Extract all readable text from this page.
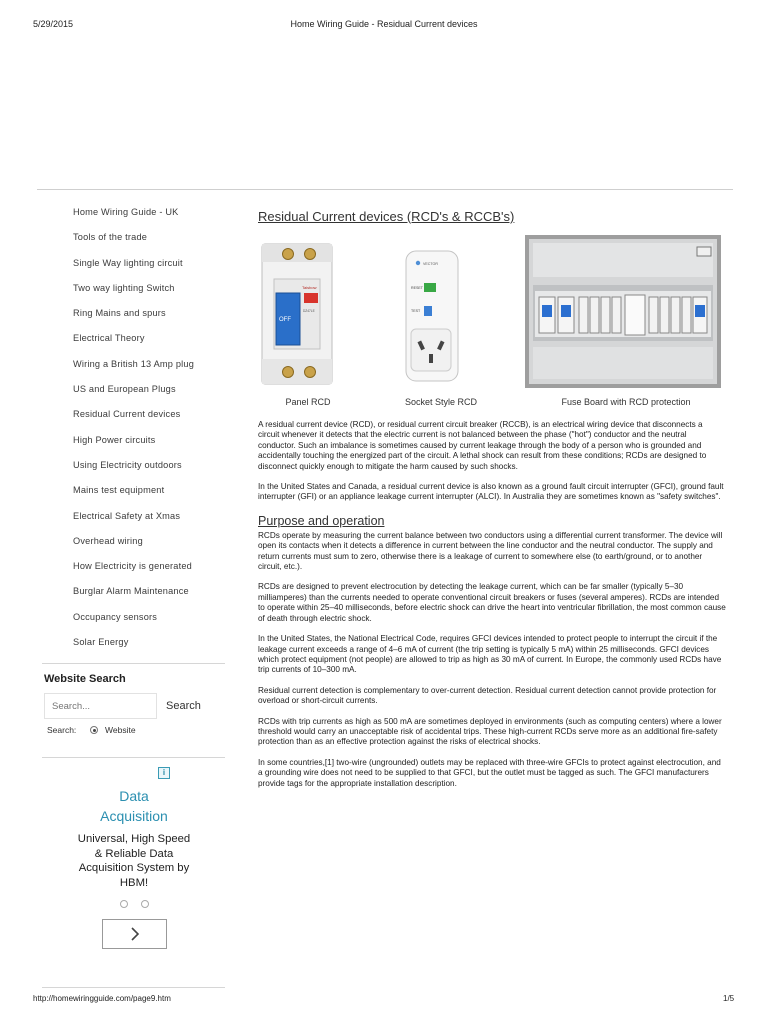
5/29/2015	Home Wiring Guide - Residual Current devices
Home Wiring Guide - UK
Tools of the trade
Single Way lighting circuit
Two way lighting Switch
Ring Mains and spurs
Electrical Theory
Wiring a British 13 Amp plug
US and European Plugs
Residual Current devices
High Power circuits
Using Electricity outdoors
Mains test equipment
Electrical Safety at Xmas
Overhead wiring
How Electricity is generated
Burglar Alarm Maintenance
Occupancy sensors
Solar Energy
Website Search
Search...
Search
Search:	Website
i
Data Acquisition
Universal, High Speed & Reliable Data Acquisition System by HBM!
Residual Current devices (RCD's & RCCB's)
OFF
Taisbow
DZ47LE
Panel RCD
VECTOR
RESET
TEST
Socket Style RCD	Fuse Board with RCD protection

A residual current device (RCD), or residual current circuit breaker (RCCB), is an electrical wiring device that disconnects a circuit whenever it detects that the electric current is not balanced between the phase ("hot") conductor and the neutral conductor. Such an imbalance is sometimes caused by current leakage through the body of a person who is grounded and accidentally touching the energized part of the circuit. A lethal shock can result from these conditions; RCDs are designed to disconnect quickly enough to mitigate the harm caused by such shocks.

In the United States and Canada, a residual current device is also known as a ground fault circuit interrupter (GFCI), ground fault interrupter (GFI) or an appliance leakage current interrupter (ALCI). In Australia they are sometimes known as "safety switches".

Purpose and operation

RCDs operate by measuring the current balance between two conductors using a differential current transformer. The device will open its contacts when it detects a difference in current between the line conductor and the neutral conductor. The supply and return currents must sum to zero, otherwise there is a leakage of current to somewhere else (to earth/ground, or to another circuit, etc.).

RCDs are designed to prevent electrocution by detecting the leakage current, which can be far smaller (typically 5–30 milliamperes) than the currents needed to operate conventional circuit breakers or fuses (several amperes). RCDs are intended to operate within 25–40 milliseconds, before electric shock can drive the heart into ventricular fibrillation, the most common cause of death through electric shock.

In the United States, the National Electrical Code, requires GFCI devices intended to protect people to interrupt the circuit if the leakage current exceeds a range of 4–6 mA of current (the trip setting is typically 5 mA) within 25 milliseconds. GFCI devices which protect equipment (not people) are allowed to trip as high as 30 mA of current. In Europe, the commonly used RCDs have trip currents of 10–300 mA.

Residual current detection is complementary to over-current detection. Residual current detection cannot provide protection for overload or short-circuit currents.

RCDs with trip currents as high as 500 mA are sometimes deployed in environments (such as computing centers) where a lower threshold would carry an unacceptable risk of accidental trips. These high-current RCDs serve more as an additional fire-safety protection than as an effective protection against the risks of electrical shocks.

In some countries,[1] two-wire (ungrounded) outlets may be replaced with three-wire GFCIs to protect against electrocution, and a grounding wire does not need to be supplied to that GFCI, but the outlet must be tagged as such. The GFCI manufacturers provide tags for the appropriate installation description.

http://homewiringguide.com/page9.htm	1/5
